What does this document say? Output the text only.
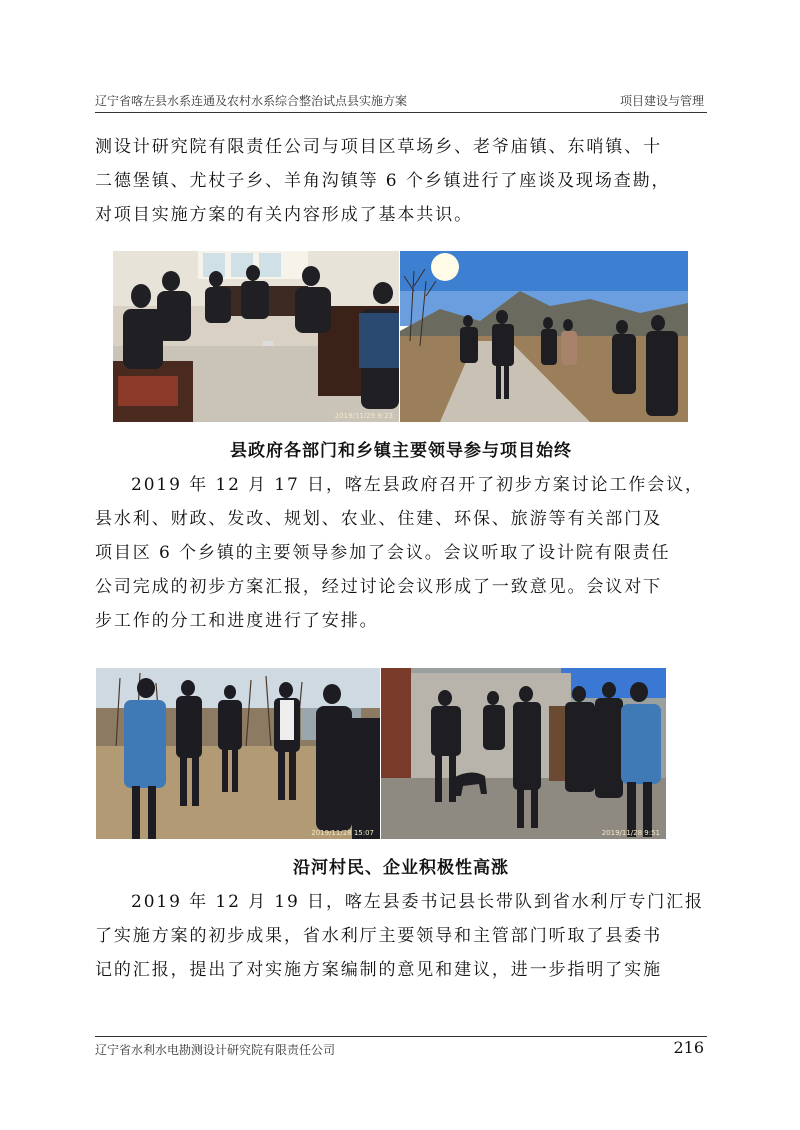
辽宁省喀左县水系连通及农村水系综合整治试点县实施方案	项目建设与管理

测设计研究院有限责任公司与项目区草场乡、老爷庙镇、东哨镇、十
二德堡镇、尤杖子乡、羊角沟镇等 6 个乡镇进行了座谈及现场查勘，
对项目实施方案的有关内容形成了基本共识。

2019/11/29 9:23
县政府各部门和乡镇主要领导参与项目始终

2019 年 12 月 17 日，喀左县政府召开了初步方案讨论工作会议，
县水利、财政、发改、规划、农业、住建、环保、旅游等有关部门及
项目区 6 个乡镇的主要领导参加了会议。会议听取了设计院有限责任
公司完成的初步方案汇报，经过讨论会议形成了一致意见。会议对下
步工作的分工和进度进行了安排。

2019/11/28 15:07	2019/11/28 9:51
沿河村民、企业积极性高涨

2019 年 12 月 19 日，喀左县委书记县长带队到省水利厅专门汇报
了实施方案的初步成果，省水利厅主要领导和主管部门听取了县委书
记的汇报，提出了对实施方案编制的意见和建议，进一步指明了实施

辽宁省水利水电勘测设计研究院有限责任公司	216
